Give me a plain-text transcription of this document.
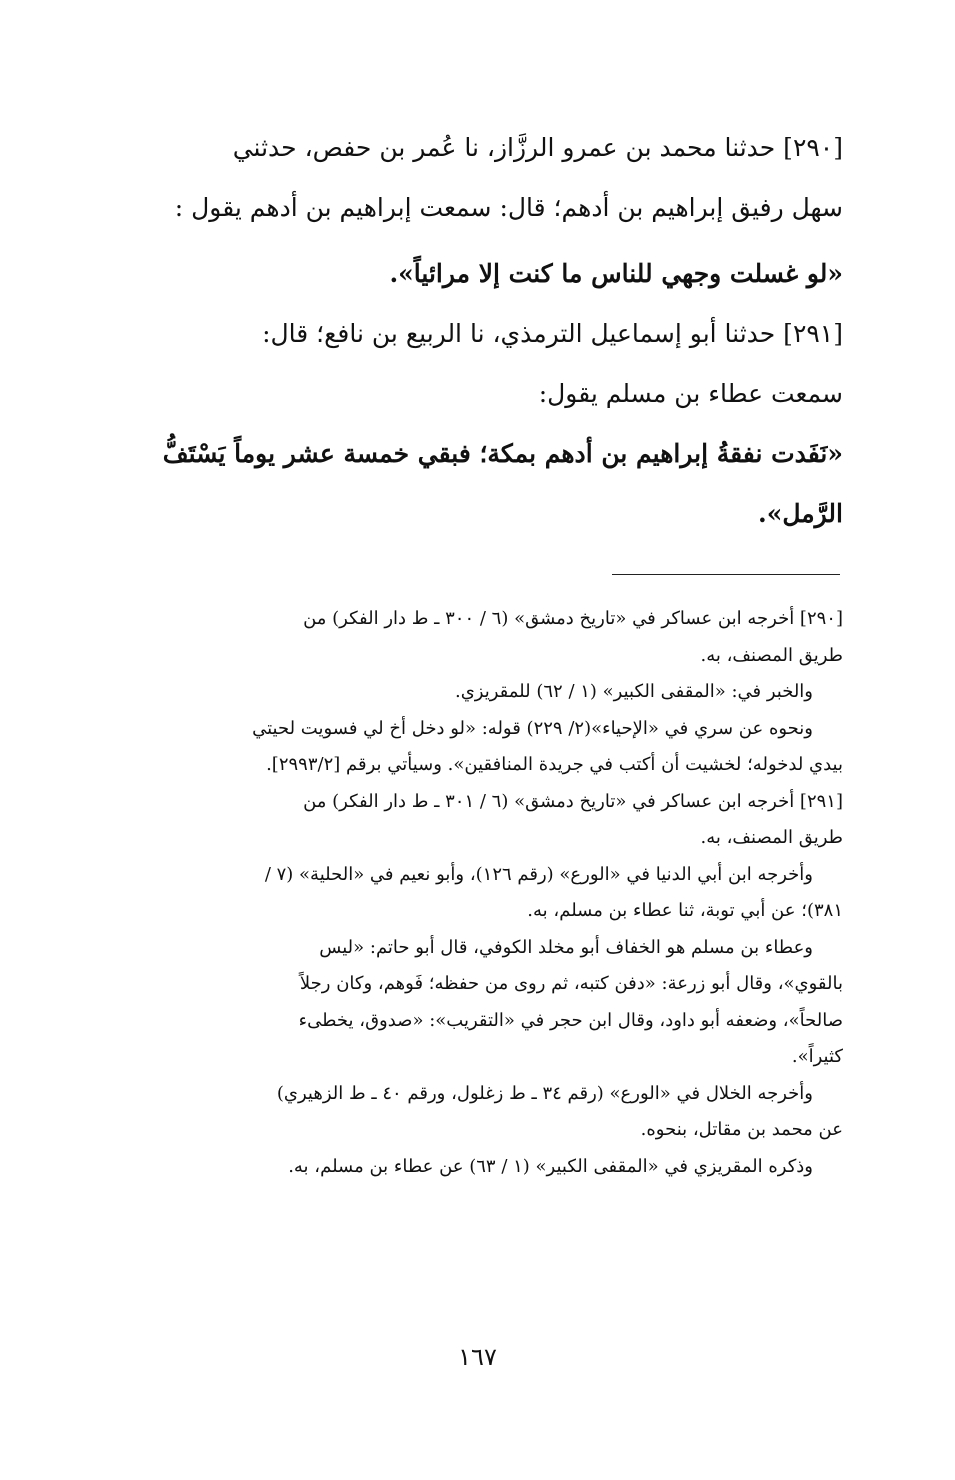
[٢٩٠] حدثنا محمد بن عمرو الرزَّاز، نا عُمر بن حفص، حدثني

سهل رفيق إبراهيم بن أدهم؛ قال: سمعت إبراهيم بن أدهم يقول :

«لو غسلت وجهي للناس ما كنت إلا مرائياً».

[٢٩١] حدثنا أبو إسماعيل الترمذي، نا الربيع بن نافع؛ قال:

سمعت عطاء بن مسلم يقول:

«نَفَدت نفقةُ إبراهيم بن أدهم بمكة؛ فبقي خمسة عشر يوماً يَسْتَفُّ

الرَّمل».

[٢٩٠] أخرجه ابن عساكر في «تاريخ دمشق» (٦ / ٣٠٠ ـ ط دار الفكر) من
طريق المصنف، به.
والخبر في: «المقفى الكبير» (١ / ٦٢) للمقريزي.
ونحوه عن سري في «الإحياء»(٢/ ٢٢٩) قوله: «لو دخل أخ لي فسويت لحيتي
بيدي لدخوله؛ لخشيت أن أكتب في جريدة المنافقين». وسيأتي برقم [٢٩٩٣/٢].
[٢٩١] أخرجه ابن عساكر في «تاريخ دمشق» (٦ / ٣٠١ ـ ط دار الفكر) من
طريق المصنف، به.
وأخرجه ابن أبي الدنيا في «الورع» (رقم ١٢٦)، وأبو نعيم في «الحلية» (٧ /
٣٨١)؛ عن أبي توبة، ثنا عطاء بن مسلم، به.
وعطاء بن مسلم هو الخفاف أبو مخلد الكوفي، قال أبو حاتم: «ليس
بالقوي»، وقال أبو زرعة: «دفن كتبه، ثم روى من حفظه؛ فَوهم، وكان رجلاً
صالحاً»، وضعفه أبو داود، وقال ابن حجر في «التقريب»: «صدوق، يخطىء
كثيراً».
وأخرجه الخلال في «الورع» (رقم ٣٤ ـ ط زغلول، ورقم ٤٠ ـ ط الزهيري)
عن محمد بن مقاتل، بنحوه.
وذكره المقريزي في «المقفى الكبير» (١ / ٦٣) عن عطاء بن مسلم، به.
١٦٧
